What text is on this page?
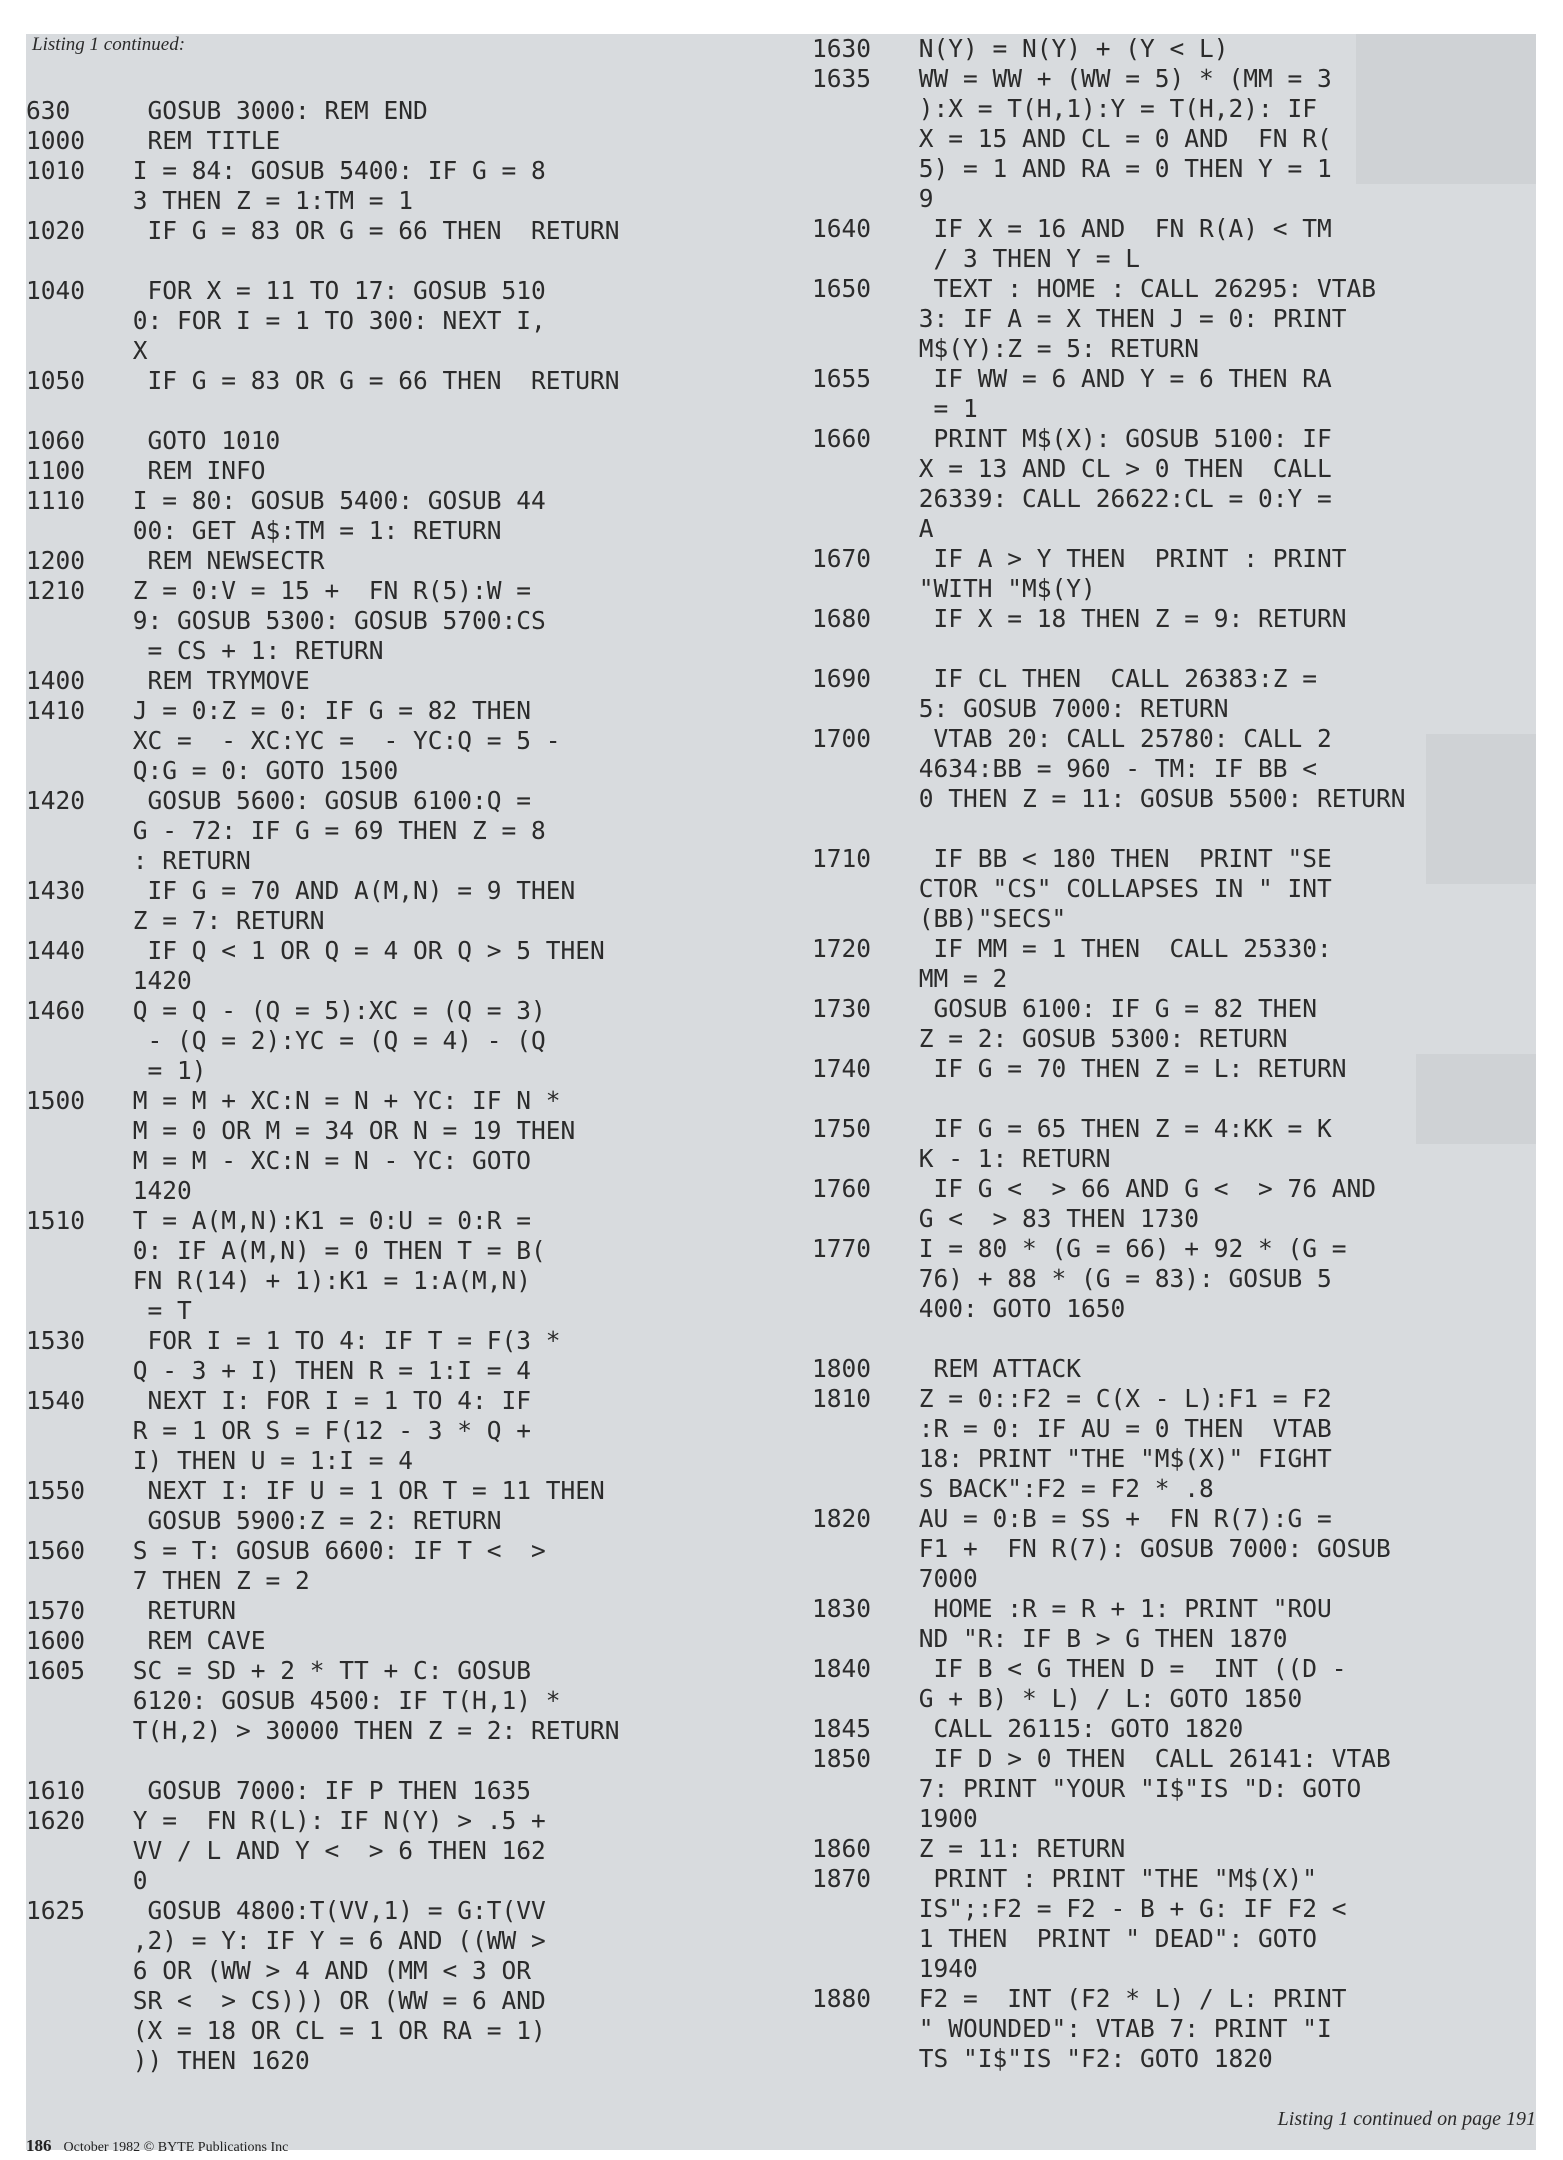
Listing 1 continued:
630	GOSUB 3000: REM END
1000	REM TITLE
1010	I = 84: GOSUB 5400: IF G = 8
3 THEN Z = 1:TM = 1
1020	IF G = 83 OR G = 66 THEN  RETURN

1040	FOR X = 11 TO 17: GOSUB 510
0: FOR I = 1 TO 300: NEXT I,
X
1050	IF G = 83 OR G = 66 THEN  RETURN

1060	GOTO 1010
1100	REM INFO
1110	I = 80: GOSUB 5400: GOSUB 44
00: GET A$:TM = 1: RETURN
1200	REM NEWSECTR
1210	Z = 0:V = 15 +  FN R(5):W =
9: GOSUB 5300: GOSUB 5700:CS
= CS + 1: RETURN
1400	REM TRYMOVE
1410	J = 0:Z = 0: IF G = 82 THEN
XC =  - XC:YC =  - YC:Q = 5 -
Q:G = 0: GOTO 1500
1420	GOSUB 5600: GOSUB 6100:Q =
G - 72: IF G = 69 THEN Z = 8
: RETURN
1430	IF G = 70 AND A(M,N) = 9 THEN
Z = 7: RETURN
1440	IF Q < 1 OR Q = 4 OR Q > 5 THEN
1420
1460	Q = Q - (Q = 5):XC = (Q = 3)
- (Q = 2):YC = (Q = 4) - (Q
= 1)
1500	M = M + XC:N = N + YC: IF N *
M = 0 OR M = 34 OR N = 19 THEN
M = M - XC:N = N - YC: GOTO
1420
1510	T = A(M,N):K1 = 0:U = 0:R =
0: IF A(M,N) = 0 THEN T = B(
FN R(14) + 1):K1 = 1:A(M,N)
= T
1530	FOR I = 1 TO 4: IF T = F(3 *
Q - 3 + I) THEN R = 1:I = 4
1540	NEXT I: FOR I = 1 TO 4: IF
R = 1 OR S = F(12 - 3 * Q +
I) THEN U = 1:I = 4
1550	NEXT I: IF U = 1 OR T = 11 THEN
GOSUB 5900:Z = 2: RETURN
1560	S = T: GOSUB 6600: IF T <  >
7 THEN Z = 2
1570	RETURN
1600	REM CAVE
1605	SC = SD + 2 * TT + C: GOSUB
6120: GOSUB 4500: IF T(H,1) *
T(H,2) > 30000 THEN Z = 2: RETURN

1610	GOSUB 7000: IF P THEN 1635
1620	Y =  FN R(L): IF N(Y) > .5 +
VV / L AND Y <  > 6 THEN 162
0
1625	GOSUB 4800:T(VV,1) = G:T(VV
,2) = Y: IF Y = 6 AND ((WW >
6 OR (WW > 4 AND (MM < 3 OR
SR <  > CS))) OR (WW = 6 AND
(X = 18 OR CL = 1 OR RA = 1)
)) THEN 1620
1630	N(Y) = N(Y) + (Y < L)
1635	WW = WW + (WW = 5) * (MM = 3
):X = T(H,1):Y = T(H,2): IF
X = 15 AND CL = 0 AND  FN R(
5) = 1 AND RA = 0 THEN Y = 1
9
1640	IF X = 16 AND  FN R(A) < TM
/ 3 THEN Y = L
1650	TEXT : HOME : CALL 26295: VTAB
3: IF A = X THEN J = 0: PRINT
M$(Y):Z = 5: RETURN
1655	IF WW = 6 AND Y = 6 THEN RA
= 1
1660	PRINT M$(X): GOSUB 5100: IF
X = 13 AND CL > 0 THEN  CALL
26339: CALL 26622:CL = 0:Y =
A
1670	IF A > Y THEN  PRINT : PRINT
"WITH "M$(Y)
1680	IF X = 18 THEN Z = 9: RETURN

1690	IF CL THEN  CALL 26383:Z =
5: GOSUB 7000: RETURN
1700	VTAB 20: CALL 25780: CALL 2
4634:BB = 960 - TM: IF BB <
0 THEN Z = 11: GOSUB 5500: RETURN

1710	IF BB < 180 THEN  PRINT "SE
CTOR "CS" COLLAPSES IN " INT
(BB)"SECS"
1720	IF MM = 1 THEN  CALL 25330:
MM = 2
1730	GOSUB 6100: IF G = 82 THEN
Z = 2: GOSUB 5300: RETURN
1740	IF G = 70 THEN Z = L: RETURN

1750	IF G = 65 THEN Z = 4:KK = K
K - 1: RETURN
1760	IF G <  > 66 AND G <  > 76 AND
G <  > 83 THEN 1730
1770	I = 80 * (G = 66) + 92 * (G =
76) + 88 * (G = 83): GOSUB 5
400: GOTO 1650

1800	REM ATTACK
1810	Z = 0::F2 = C(X - L):F1 = F2
:R = 0: IF AU = 0 THEN  VTAB
18: PRINT "THE "M$(X)" FIGHT
S BACK":F2 = F2 * .8
1820	AU = 0:B = SS +  FN R(7):G =
F1 +  FN R(7): GOSUB 7000: GOSUB
7000
1830	HOME :R = R + 1: PRINT "ROU
ND "R: IF B > G THEN 1870
1840	IF B < G THEN D =  INT ((D -
G + B) * L) / L: GOTO 1850
1845	CALL 26115: GOTO 1820
1850	IF D > 0 THEN  CALL 26141: VTAB
7: PRINT "YOUR "I$"IS "D: GOTO
1900
1860	Z = 11: RETURN
1870	PRINT : PRINT "THE "M$(X)"
IS";:F2 = F2 - B + G: IF F2 <
1 THEN  PRINT " DEAD": GOTO
1940
1880	F2 =  INT (F2 * L) / L: PRINT
" WOUNDED": VTAB 7: PRINT "I
TS "I$"IS "F2: GOTO 1820
Listing 1 continued on page 191
186 October 1982 © BYTE Publications Inc
